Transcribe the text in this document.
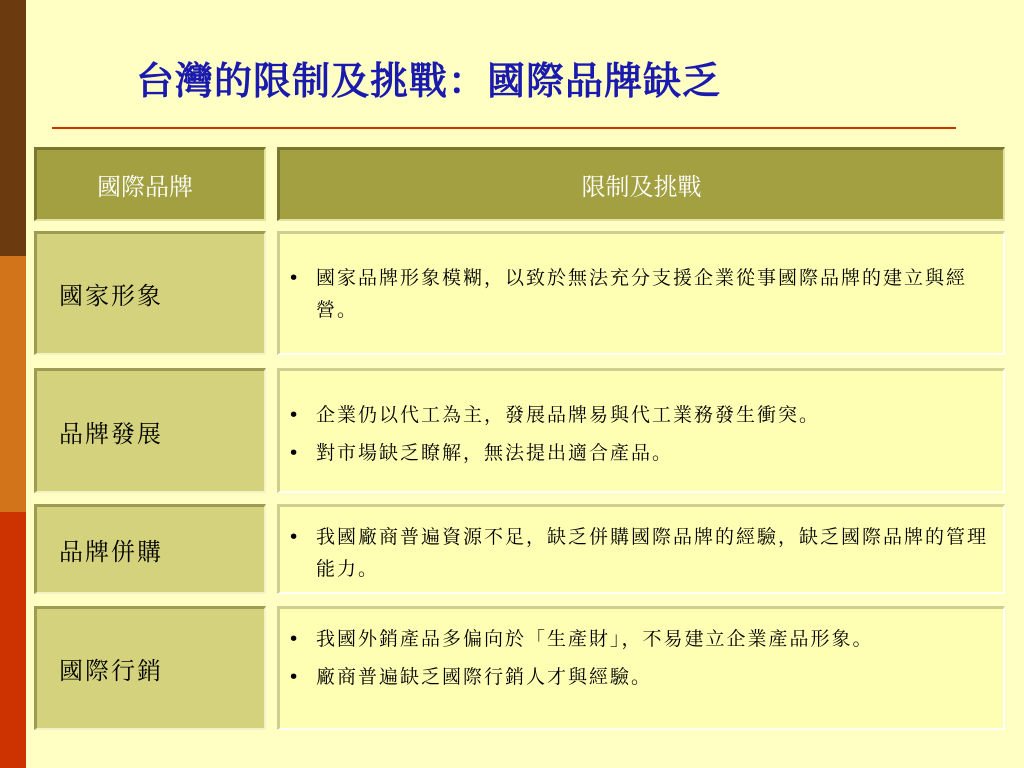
台灣的限制及挑戰：國際品牌缺乏
國際品牌	限制及挑戰
國家形象
• 國家品牌形象模糊，以致於無法充分支援企業從事國際品牌的建立與經營。
品牌發展
• 企業仍以代工為主，發展品牌易與代工業務發生衝突。
• 對市場缺乏瞭解，無法提出適合產品。
品牌併購
• 我國廠商普遍資源不足，缺乏併購國際品牌的經驗，缺乏國際品牌的管理能力。
國際行銷
• 我國外銷產品多偏向於「生產財」，不易建立企業產品形象。
• 廠商普遍缺乏國際行銷人才與經驗。
